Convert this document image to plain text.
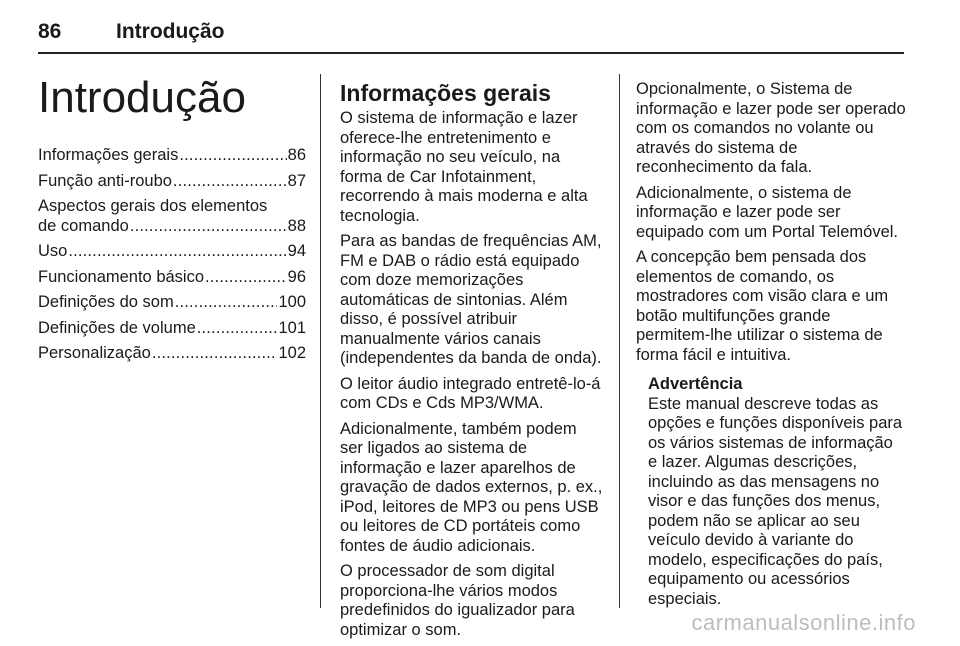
86	Introdução
Introdução
Informações gerais . . .	86
Função anti-roubo . . .	87
Aspectos gerais dos elementos
de comando . . .	88
Uso . . .	94
Funcionamento básico . . .	96
Definições do som . . .	100
Definições de volume . . .	101
Personalização . . .	102
Informações gerais

O sistema de informação e lazer oferece-lhe entretenimento e informação no seu veículo, na forma de Car Infotainment, recorrendo à mais moderna e alta tecnologia.

Para as bandas de frequências AM, FM e DAB o rádio está equipado com doze memorizações automáticas de sintonias. Além disso, é possível atribuir manualmente vários canais (independentes da banda de onda).

O leitor áudio integrado entretê-lo-á com CDs e Cds MP3/WMA.

Adicionalmente, também podem ser ligados ao sistema de informação e lazer aparelhos de gravação de dados externos, p. ex., iPod, leitores de MP3 ou pens USB ou leitores de CD portáteis como fontes de áudio adicionais.

O processador de som digital proporciona-lhe vários modos predefinidos do igualizador para optimizar o som.

Opcionalmente, o Sistema de informação e lazer pode ser operado com os comandos no volante ou através do sistema de reconhecimento da fala.

Adicionalmente, o sistema de informação e lazer pode ser equipado com um Portal Telemóvel.

A concepção bem pensada dos elementos de comando, os mostradores com visão clara e um botão multifunções grande permitem-lhe utilizar o sistema de forma fácil e intuitiva.

Advertência
Este manual descreve todas as opções e funções disponíveis para os vários sistemas de informação e lazer. Algumas descrições, incluindo as das mensagens no visor e das funções dos menus, podem não se aplicar ao seu veículo devido à variante do modelo, especificações do país, equipamento ou acessórios especiais.
carmanualsonline.info
